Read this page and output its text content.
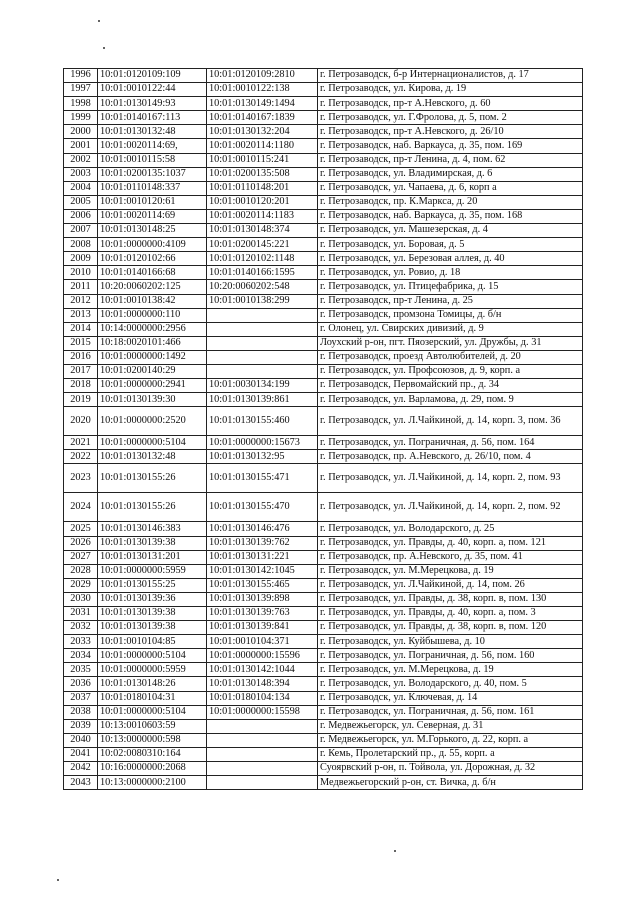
1996	10:01:0120109:109	10:01:0120109:2810	г. Петрозаводск, б-р Интернационалистов, д. 17
1997	10:01:0010122:44	10:01:0010122:138	г. Петрозаводск, ул. Кирова, д. 19
1998	10:01:0130149:93	10:01:0130149:1494	г. Петрозаводск, пр-т А.Невского, д. 60
1999	10:01:0140167:113	10:01:0140167:1839	г. Петрозаводск, ул. Г.Фролова, д. 5, пом. 2
2000	10:01:0130132:48	10:01:0130132:204	г. Петрозаводск, пр-т А.Невского, д. 26/10
2001	10:01:0020114:69,	10:01:0020114:1180	г. Петрозаводск, наб. Варкауса, д. 35, пом. 169
2002	10:01:0010115:58	10:01:0010115:241	г. Петрозаводск, пр-т Ленина, д. 4, пом. 62
2003	10:01:0200135:1037	10:01:0200135:508	г. Петрозаводск, ул. Владимирская, д. 6
2004	10:01:0110148:337	10:01:0110148:201	г. Петрозаводск, ул. Чапаева, д. 6, корп а
2005	10:01:0010120:61	10:01:0010120:201	г. Петрозаводск, пр. К.Маркса, д. 20
2006	10:01:0020114:69	10:01:0020114:1183	г. Петрозаводск, наб. Варкауса, д. 35, пом. 168
2007	10:01:0130148:25	10:01:0130148:374	г. Петрозаводск, ул. Машезерская, д. 4
2008	10:01:0000000:4109	10:01:0200145:221	г. Петрозаводск, ул. Боровая, д. 5
2009	10:01:0120102:66	10:01:0120102:1148	г. Петрозаводск, ул. Березовая аллея, д. 40
2010	10:01:0140166:68	10:01:0140166:1595	г. Петрозаводск, ул. Ровио, д. 18
2011	10:20:0060202:125	10:20:0060202:548	г. Петрозаводск, ул. Птицефабрика, д. 15
2012	10:01:0010138:42	10:01:0010138:299	г. Петрозаводск, пр-т Ленина, д. 25
2013	10:01:0000000:110		г. Петрозаводск, промзона Томицы, д. б/н
2014	10:14:0000000:2956		г. Олонец, ул. Свирских дивизий, д. 9
2015	10:18:0020101:466		Лоухский р-он, пгт. Пяозерский, ул. Дружбы, д. 31
2016	10:01:0000000:1492		г. Петрозаводск, проезд Автолюбителей, д. 20
2017	10:01:0200140:29		г. Петрозаводск, ул. Профсоюзов, д. 9, корп. а
2018	10:01:0000000:2941	10:01:0030134:199	г. Петрозаводск, Первомайский пр., д. 34
2019	10:01:0130139:30	10:01:0130139:861	г. Петрозаводск, ул. Варламова, д. 29, пом. 9
2020	10:01:0000000:2520	10:01:0130155:460	г. Петрозаводск, ул. Л.Чайкиной, д. 14, корп. 3, пом. 36
2021	10:01:0000000:5104	10:01:0000000:15673	г. Петрозаводск, ул. Пограничная, д. 56, пом. 164
2022	10:01:0130132:48	10:01:0130132:95	г. Петрозаводск, пр. А.Невского, д. 26/10, пом. 4
2023	10:01:0130155:26	10:01:0130155:471	г. Петрозаводск, ул. Л.Чайкиной, д. 14, корп. 2, пом. 93
2024	10:01:0130155:26	10:01:0130155:470	г. Петрозаводск, ул. Л.Чайкиной, д. 14, корп. 2, пом. 92
2025	10:01:0130146:383	10:01:0130146:476	г. Петрозаводск, ул. Володарского, д. 25
2026	10:01:0130139:38	10:01:0130139:762	г. Петрозаводск, ул. Правды, д. 40, корп. а, пом. 121
2027	10:01:0130131:201	10:01:0130131:221	г. Петрозаводск, пр. А.Невского, д. 35, пом. 41
2028	10:01:0000000:5959	10:01:0130142:1045	г. Петрозаводск, ул. М.Мерецкова, д. 19
2029	10:01:0130155:25	10:01:0130155:465	г. Петрозаводск, ул. Л.Чайкиной, д. 14, пом. 26
2030	10:01:0130139:36	10:01:0130139:898	г. Петрозаводск, ул. Правды, д. 38, корп. в, пом. 130
2031	10:01:0130139:38	10:01:0130139:763	г. Петрозаводск, ул. Правды, д. 40, корп. а, пом. 3
2032	10:01:0130139:38	10:01:0130139:841	г. Петрозаводск, ул. Правды, д. 38, корп. в, пом. 120
2033	10:01:0010104:85	10:01:0010104:371	г. Петрозаводск, ул. Куйбышева, д. 10
2034	10:01:0000000:5104	10:01:0000000:15596	г. Петрозаводск, ул. Пограничная, д. 56, пом. 160
2035	10:01:0000000:5959	10:01:0130142:1044	г. Петрозаводск, ул. М.Мерецкова, д. 19
2036	10:01:0130148:26	10:01:0130148:394	г. Петрозаводск, ул. Володарского, д. 40, пом. 5
2037	10:01:0180104:31	10:01:0180104:134	г. Петрозаводск, ул. Ключевая, д. 14
2038	10:01:0000000:5104	10:01:0000000:15598	г. Петрозаводск, ул. Пограничная, д. 56, пом. 161
2039	10:13:0010603:59		г. Медвежьегорск, ул. Северная, д. 31
2040	10:13:0000000:598		г. Медвежьегорск, ул. М.Горького, д. 22, корп. а
2041	10:02:0080310:164		г. Кемь, Пролетарский пр., д. 55, корп. а
2042	10:16:0000000:2068		Суоярвский р-он, п. Тойвола, ул. Дорожная, д. 32
2043	10:13:0000000:2100		Медвежьегорский р-он, ст. Вичка, д. б/н
